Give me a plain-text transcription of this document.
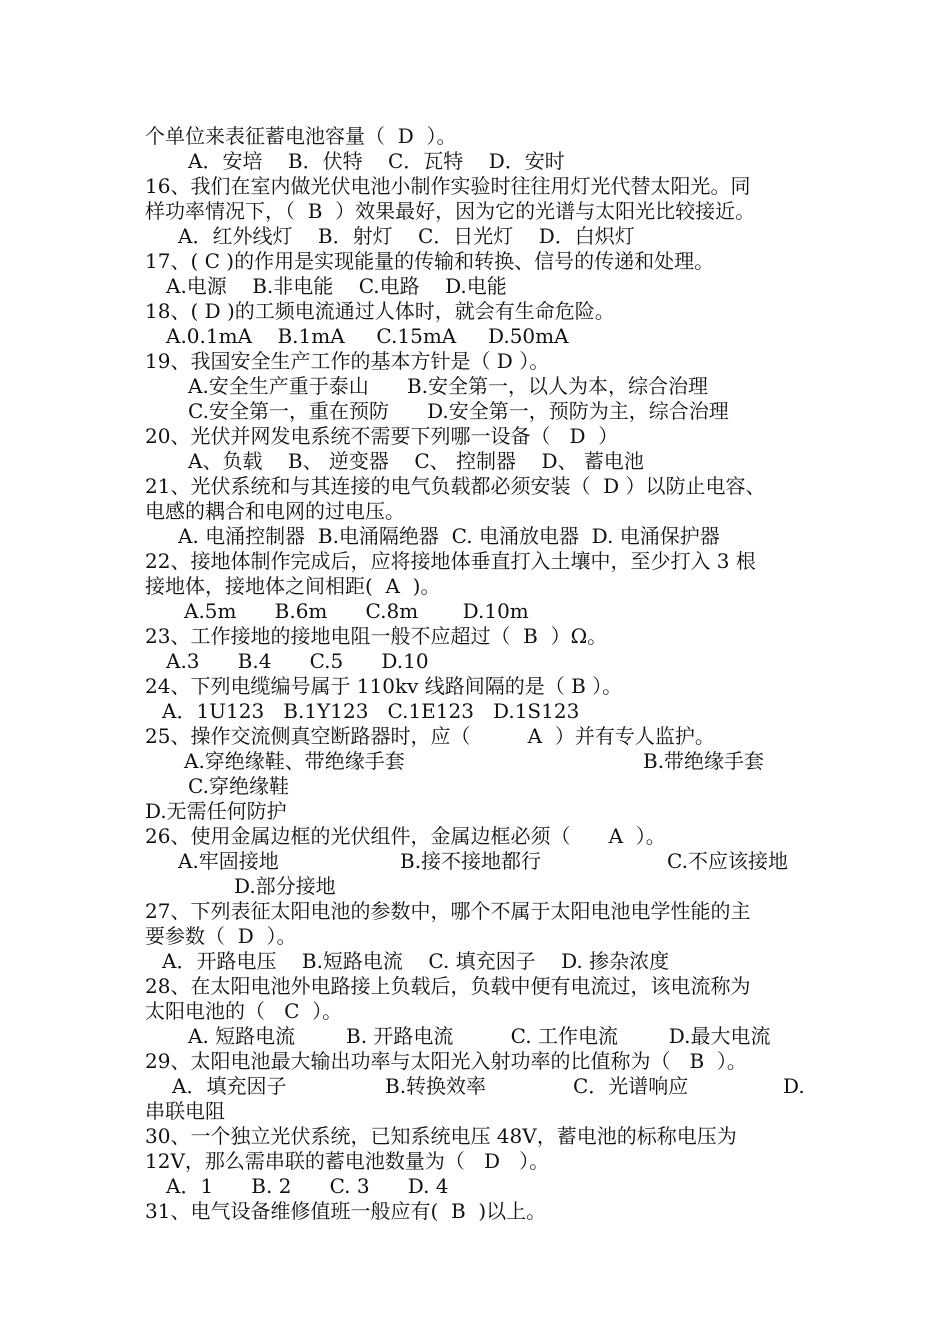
个单位来表征蓄电池容量（  D  ）。
A．安培    B．伏特    C．瓦特    D．安时
16、我们在室内做光伏电池小制作实验时往往用灯光代替太阳光。同
样功率情况下，（  B  ）效果最好，因为它的光谱与太阳光比较接近。
A．红外线灯    B．射灯    C．日光灯    D．白炽灯
17、( C )的作用是实现能量的传输和转换、信号的传递和处理。
A.电源    B.非电能    C.电路    D.电能
18、( D )的工频电流通过人体时，就会有生命危险。
A.0.1mA    B.1mA     C.15mA     D.50mA
19、我国安全生产工作的基本方针是（ D ）。
A.安全生产重于泰山      B.安全第一，以人为本，综合治理
C.安全第一，重在预防      D.安全第一，预防为主，综合治理
20、光伏并网发电系统不需要下列哪一设备（   D  ）
A、负载    B、 逆变器    C、 控制器    D、 蓄电池
21、光伏系统和与其连接的电气负载都必须安装（  D ）以防止电容、
电感的耦合和电网的过电压。
A. 电涌控制器  B.电涌隔绝器  C. 电涌放电器  D. 电涌保护器
22、接地体制作完成后，应将接地体垂直打入土壤中，至少打入 3 根
接地体，接地体之间相距(  A  )。
A.5m      B.6m      C.8m       D.10m
23、工作接地的接地电阻一般不应超过（  B  ）Ω。
A.3      B.4      C.5      D.10
24、下列电缆编号属于 110kv 线路间隔的是（ B ）。
A．1U123   B.1Y123   C.1E123   D.1S123
25、操作交流侧真空断路器时，应（         A  ）并有专人监护。
A.穿绝缘鞋、带绝缘手套	B.带绝缘手套
C.穿绝缘鞋
D.无需任何防护
26、使用金属边框的光伏组件，金属边框必须（      A  ）。
A.牢固接地	B.接不接地都行	C.不应该接地
D.部分接地
27、下列表征太阳电池的参数中，哪个不属于太阳电池电学性能的主
要参数（  D  ）。
A．开路电压    B.短路电流    C. 填充因子    D. 掺杂浓度
28、在太阳电池外电路接上负载后，负载中便有电流过，该电流称为
太阳电池的（   C  ）。
A. 短路电流        B. 开路电流         C. 工作电流        D.最大电流
29、太阳电池最大输出功率与太阳光入射功率的比值称为（   B  ）。
A．填充因子	B.转换效率	C．光谱响应	D.
串联电阻
30、一个独立光伏系统，已知系统电压 48V，蓄电池的标称电压为
12V，那么需串联的蓄电池数量为（   D   ）。
A．1      B. 2      C. 3      D. 4
31、电气设备维修值班一般应有(  B  )以上。
